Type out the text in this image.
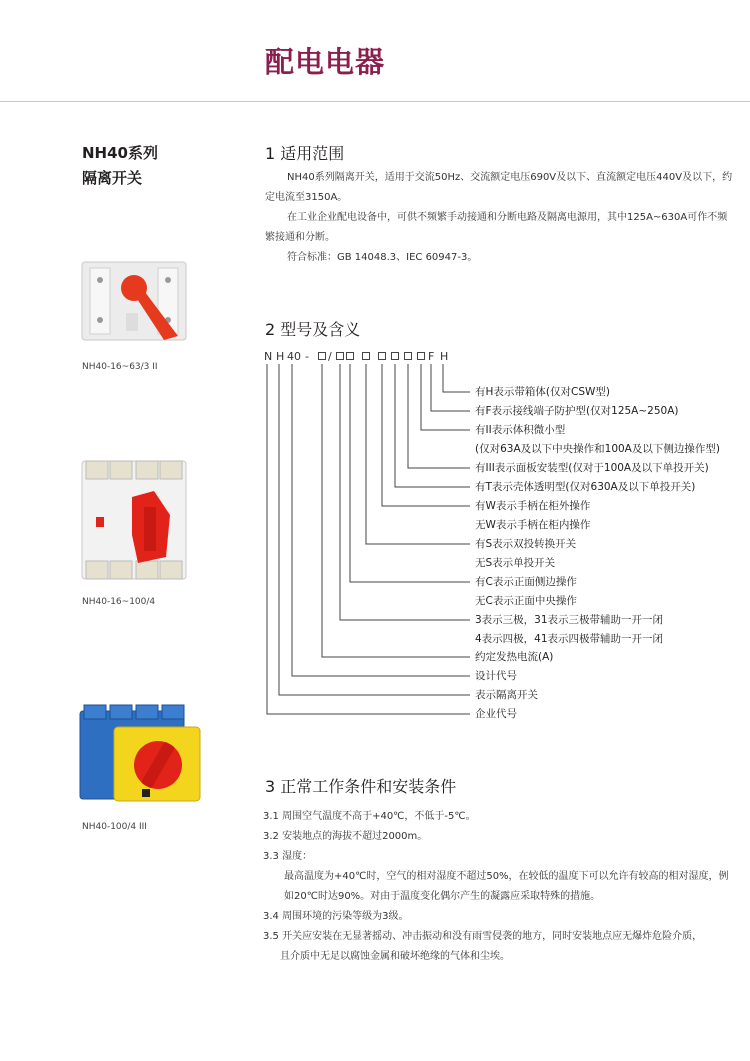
配电电器
NH40系列
隔离开关
NH40-16~63/3 II
NH40-16~100/4
NH40-100/4 III
1 适用范围
NH40系列隔离开关，适用于交流50Hz、交流额定电压690V及以下、直流额定电压440V及以下，约
定电流至3150A。
在工业企业配电设备中，可供不频繁手动接通和分断电路及隔离电源用，其中125A~630A可作不频
繁接通和分断。
符合标准：GB 14048.3、IEC 60947-3。
2 型号及含义
N H 40 - /	F H
有H表示带箱体(仅对CSW型)
有F表示接线端子防护型(仅对125A~250A)
有II表示体积微小型
(仅对63A及以下中央操作和100A及以下侧边操作型)
有III表示面板安装型(仅对于100A及以下单投开关)
有T表示壳体透明型(仅对630A及以下单投开关)
有W表示手柄在柜外操作
无W表示手柄在柜内操作
有S表示双投转换开关
无S表示单投开关
有C表示正面侧边操作
无C表示正面中央操作
3表示三极，31表示三极带辅助一开一闭
4表示四极，41表示四极带辅助一开一闭
约定发热电流(A)
设计代号
表示隔离开关
企业代号
3 正常工作条件和安装条件
3.1 周围空气温度不高于+40℃，不低于-5℃。
3.2 安装地点的海拔不超过2000m。
3.3 湿度：
最高温度为+40℃时，空气的相对湿度不超过50%，在较低的温度下可以允许有较高的相对湿度，例
如20℃时达90%。对由于温度变化偶尔产生的凝露应采取特殊的措施。
3.4 周围环境的污染等级为3级。
3.5 开关应安装在无显著摇动、冲击振动和没有雨雪侵袭的地方，同时安装地点应无爆炸危险介质，
且介质中无足以腐蚀金属和破坏绝缘的气体和尘埃。
